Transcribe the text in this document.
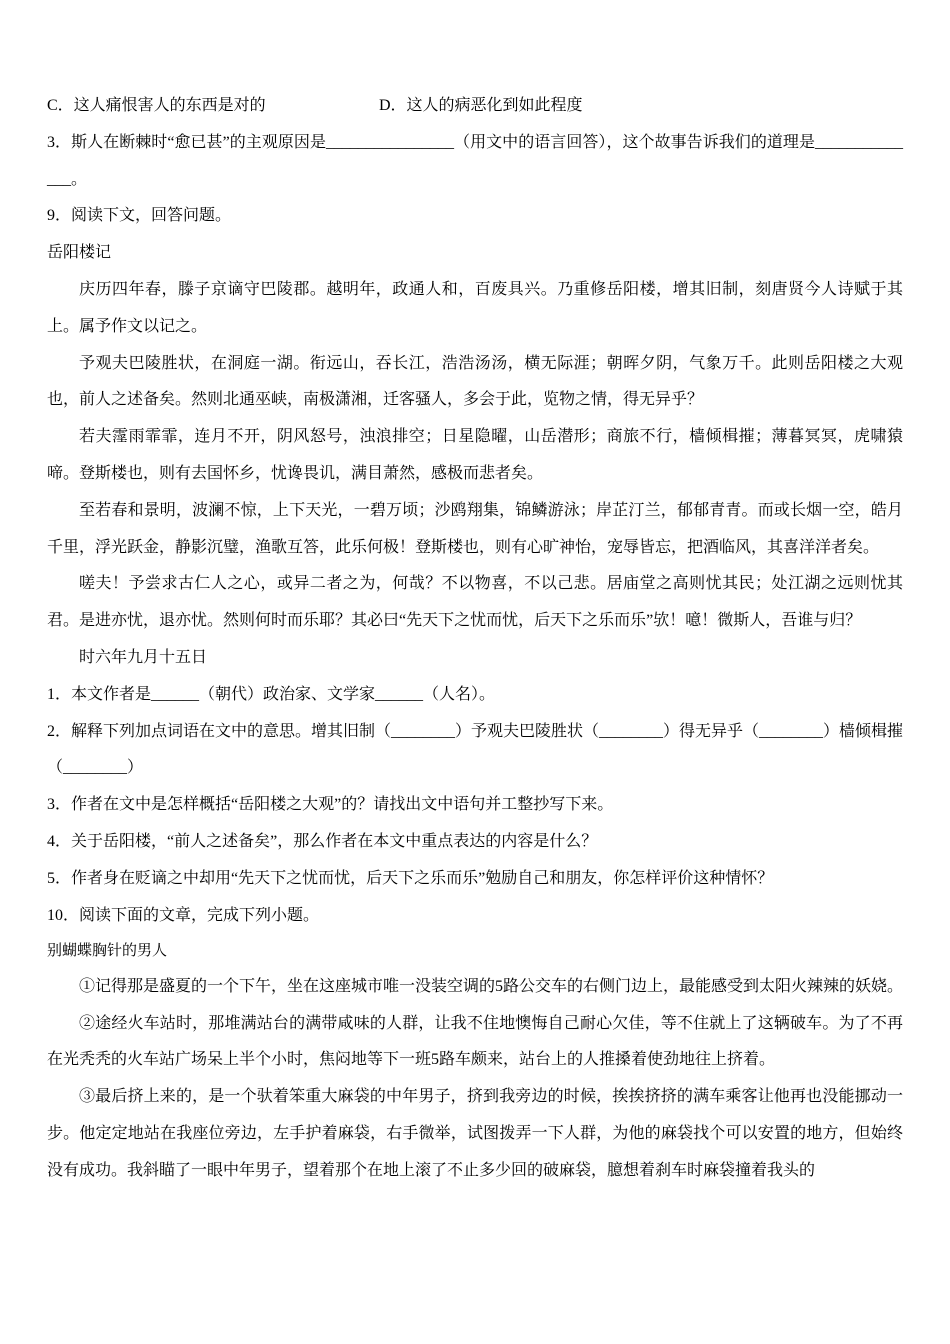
C．这人痛恨害人的东西是对的	D．这人的病恶化到如此程度

3．斯人在断棘时“愈已甚”的主观原因是________________（用文中的语言回答），这个故事告诉我们的道理是______________。

9．阅读下文，回答问题。

岳阳楼记

庆历四年春，滕子京谪守巴陵郡。越明年，政通人和，百废具兴。乃重修岳阳楼，增其旧制，刻唐贤今人诗赋于其上。属予作文以记之。

予观夫巴陵胜状，在洞庭一湖。衔远山，吞长江，浩浩汤汤，横无际涯；朝晖夕阴，气象万千。此则岳阳楼之大观也，前人之述备矣。然则北通巫峡，南极潇湘，迁客骚人，多会于此，览物之情，得无异乎？

若夫霪雨霏霏，连月不开，阴风怒号，浊浪排空；日星隐曜，山岳潜形；商旅不行，樯倾楫摧；薄暮冥冥，虎啸猿啼。登斯楼也，则有去国怀乡，忧谗畏讥，满目萧然，感极而悲者矣。

至若春和景明，波澜不惊，上下天光，一碧万顷；沙鸥翔集，锦鳞游泳；岸芷汀兰，郁郁青青。而或长烟一空，皓月千里，浮光跃金，静影沉璧，渔歌互答，此乐何极！登斯楼也，则有心旷神怡，宠辱皆忘，把酒临风，其喜洋洋者矣。

嗟夫！予尝求古仁人之心，或异二者之为，何哉？不以物喜，不以己悲。居庙堂之高则忧其民；处江湖之远则忧其君。是进亦忧，退亦忧。然则何时而乐耶？其必曰“先天下之忧而忧，后天下之乐而乐”欤！噫！微斯人，吾谁与归？

时六年九月十五日

1．本文作者是______（朝代）政治家、文学家______（人名）。

2．解释下列加点词语在文中的意思。增其旧制（________）予观夫巴陵胜状（________）得无异乎（________）樯倾楫摧（________）

3．作者在文中是怎样概括“岳阳楼之大观”的？请找出文中语句并工整抄写下来。

4．关于岳阳楼，“前人之述备矣”，那么作者在本文中重点表达的内容是什么？

5．作者身在贬谪之中却用“先天下之忧而忧，后天下之乐而乐”勉励自己和朋友，你怎样评价这种情怀？

10．阅读下面的文章，完成下列小题。

别蝴蝶胸针的男人

①记得那是盛夏的一个下午，坐在这座城市唯一没装空调的5路公交车的右侧门边上，最能感受到太阳火辣辣的妖娆。

②途经火车站时，那堆满站台的满带咸味的人群，让我不住地懊悔自己耐心欠佳，等不住就上了这辆破车。为了不再在光秃秃的火车站广场呆上半个小时，焦闷地等下一班5路车颇来，站台上的人推搡着使劲地往上挤着。

③最后挤上来的，是一个驮着笨重大麻袋的中年男子，挤到我旁边的时候，挨挨挤挤的满车乘客让他再也没能挪动一步。他定定地站在我座位旁边，左手护着麻袋，右手微举，试图拨弄一下人群，为他的麻袋找个可以安置的地方，但始终没有成功。我斜瞄了一眼中年男子，望着那个在地上滚了不止多少回的破麻袋，臆想着刹车时麻袋撞着我头的
